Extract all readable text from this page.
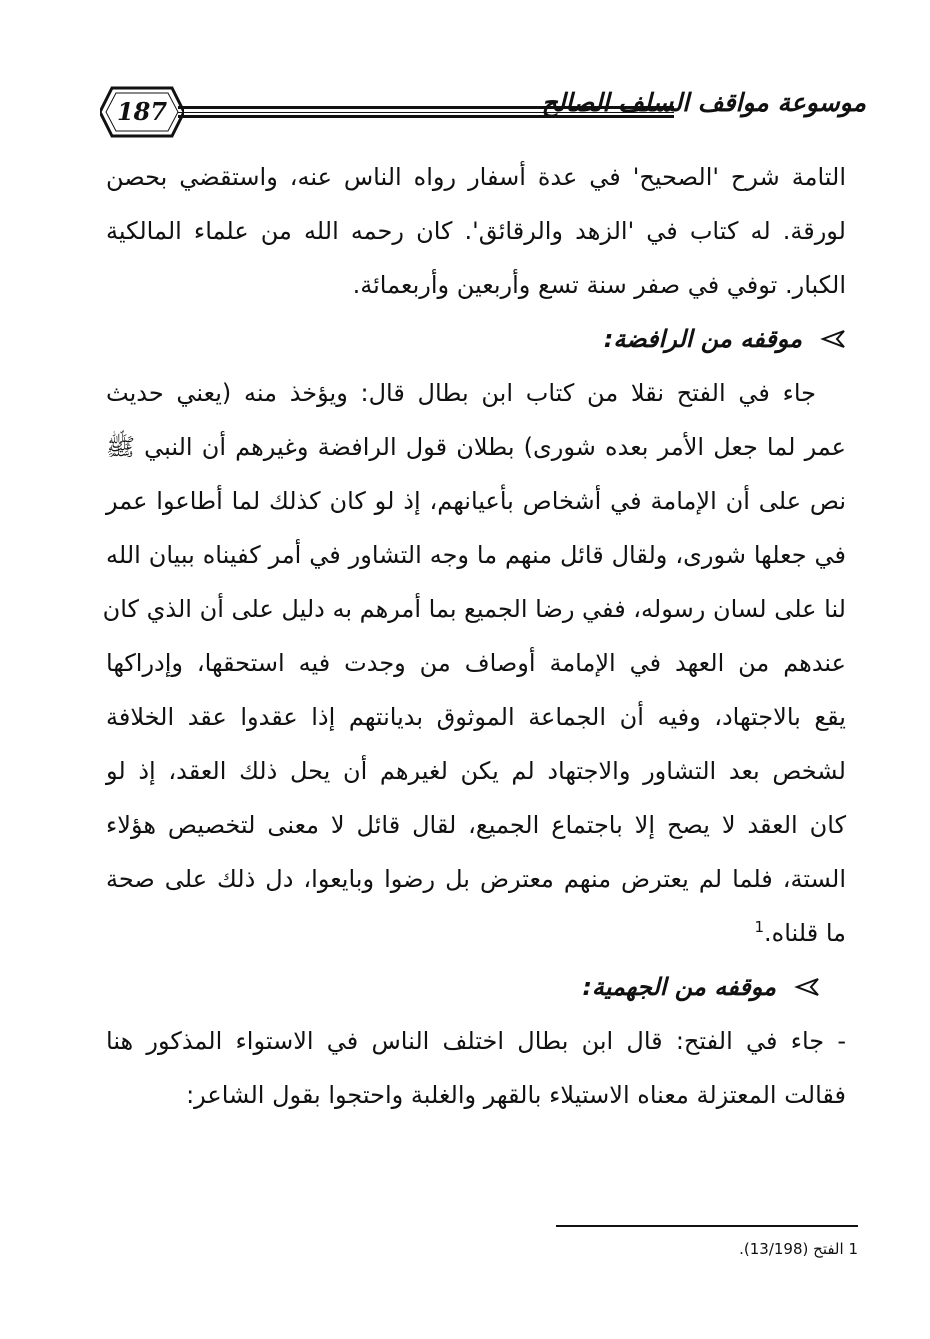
187	موسوعة مواقف السلف الصالح

التامة شرح 'الصحيح' في عدة أسفار رواه الناس عنه، واستقضي بحصن
لورقة. له كتاب في 'الزهد والرقائق'. كان رحمه الله من علماء المالكية
الكبار. توفي في صفر سنة تسع وأربعين وأربعمائة.

موقفه من الرافضة:

جاء في الفتح نقلا من كتاب ابن بطال قال: ويؤخذ منه (يعني حديث
عمر لما جعل الأمر بعده شورى) بطلان قول الرافضة وغيرهم أن النبي ﷺ
نص على أن الإمامة في أشخاص بأعيانهم، إذ لو كان كذلك لما أطاعوا عمر
في جعلها شورى، ولقال قائل منهم ما وجه التشاور في أمر كفيناه ببيان الله
لنا على لسان رسوله، ففي رضا الجميع بما أمرهم به دليل على أن الذي كان
عندهم من العهد في الإمامة أوصاف من وجدت فيه استحقها، وإدراكها
يقع بالاجتهاد، وفيه أن الجماعة الموثوق بديانتهم إذا عقدوا عقد الخلافة
لشخص بعد التشاور والاجتهاد لم يكن لغيرهم أن يحل ذلك العقد، إذ لو
كان العقد لا يصح إلا باجتماع الجميع، لقال قائل لا معنى لتخصيص هؤلاء
الستة، فلما لم يعترض منهم معترض بل رضوا وبايعوا، دل ذلك على صحة
ما قلناه.$^1$

موقفه من الجهمية:

- جاء في الفتح: قال ابن بطال اختلف الناس في الاستواء المذكور هنا
فقالت المعتزلة معناه الاستيلاء بالقهر والغلبة واحتجوا بقول الشاعر:

1 الفتح (13/198).
